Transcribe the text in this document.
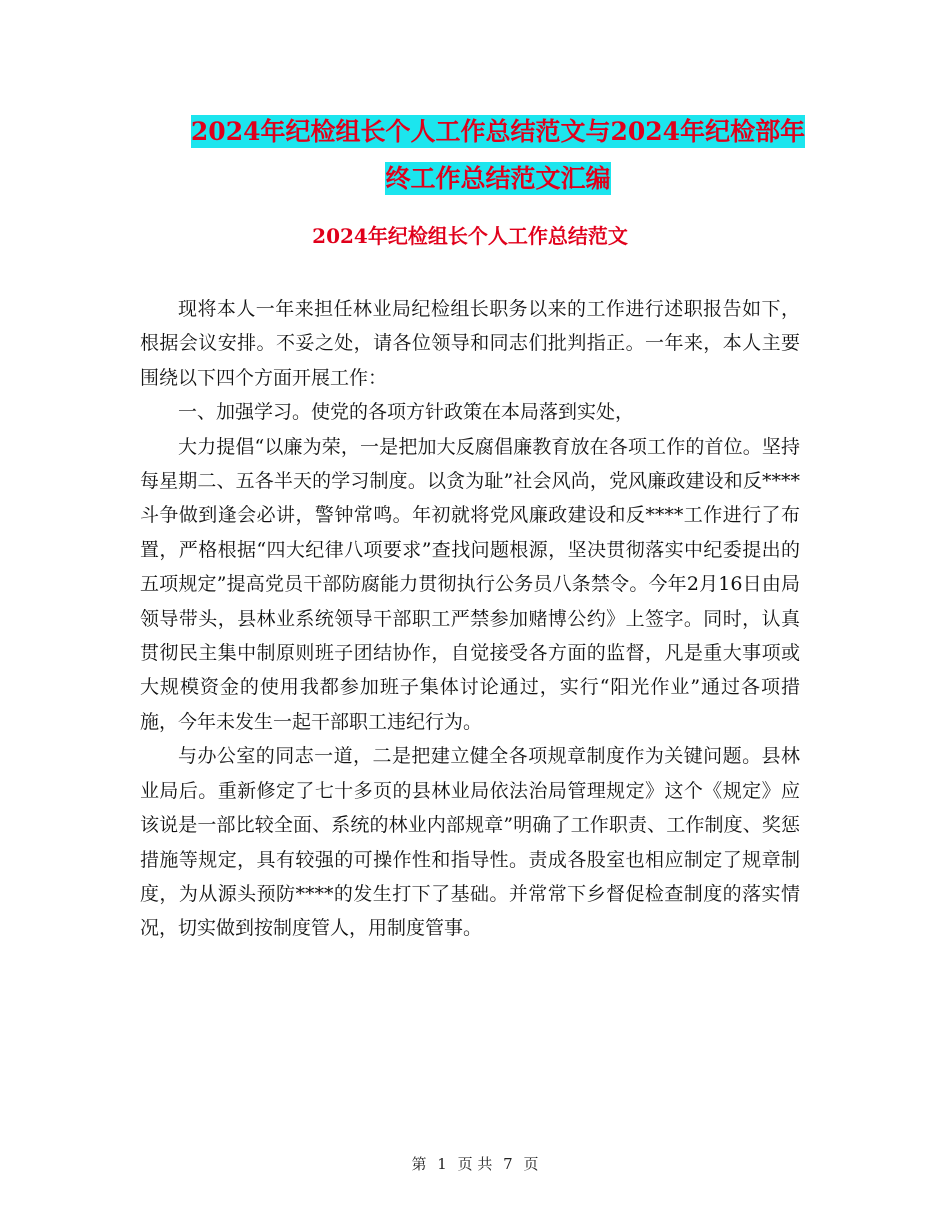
2024年纪检组长个人工作总结范文与2024年纪检部年
终工作总结范文汇编
2024年纪检组长个人工作总结范文

现将本人一年来担任林业局纪检组长职务以来的工作进行述职报告如下，根据会议安排。不妥之处，请各位领导和同志们批判指正。一年来，本人主要围绕以下四个方面开展工作：

一、加强学习。使党的各项方针政策在本局落到实处，

大力提倡“以廉为荣，一是把加大反腐倡廉教育放在各项工作的首位。坚持每星期二、五各半天的学习制度。以贪为耻”社会风尚，党风廉政建设和反****斗争做到逢会必讲，警钟常鸣。年初就将党风廉政建设和反****工作进行了布置，严格根据“四大纪律八项要求”查找问题根源，坚决贯彻落实中纪委提出的五项规定”提高党员干部防腐能力贯彻执行公务员八条禁令。今年2月16日由局领导带头，县林业系统领导干部职工严禁参加赌博公约》上签字。同时，认真贯彻民主集中制原则班子团结协作，自觉接受各方面的监督，凡是重大事项或大规模资金的使用我都参加班子集体讨论通过，实行“阳光作业”通过各项措施，今年未发生一起干部职工违纪行为。

与办公室的同志一道，二是把建立健全各项规章制度作为关键问题。县林业局后。重新修定了七十多页的县林业局依法治局管理规定》这个《规定》应该说是一部比较全面、系统的林业内部规章”明确了工作职责、工作制度、奖惩措施等规定，具有较强的可操作性和指导性。责成各股室也相应制定了规章制度，为从源头预防****的发生打下了基础。并常常下乡督促检查制度的落实情况，切实做到按制度管人，用制度管事。

第 1 页 共 7 页
